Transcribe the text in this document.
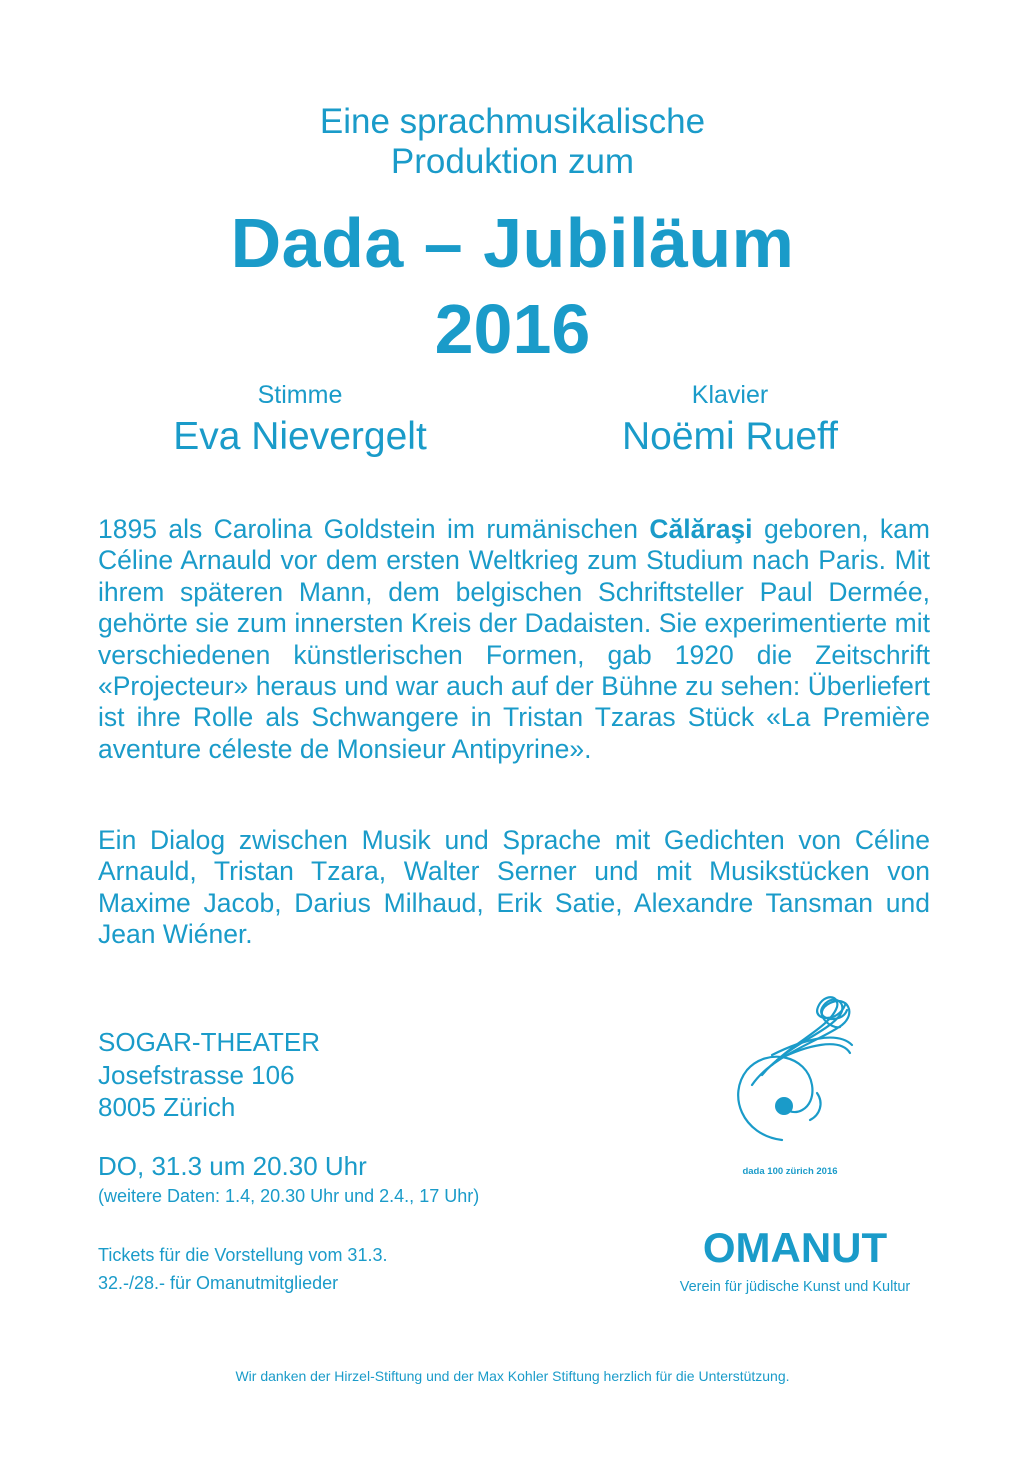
Eine sprachmusikalische
Produktion zum
Dada – Jubiläum
2016
Stimme
Eva Nievergelt
Klavier
Noëmi Rueff
1895 als Carolina Goldstein im rumänischen Călăraşi geboren, kam Céline Arnauld vor dem ersten Weltkrieg zum Studium nach Paris. Mit ihrem späteren Mann, dem belgischen Schriftsteller Paul Dermée, gehörte sie zum innersten Kreis der Dadaisten. Sie experimentierte mit verschiedenen künstlerischen Formen, gab 1920 die Zeitschrift «Projecteur» heraus und war auch auf der Bühne zu sehen: Überliefert ist ihre Rolle als Schwangere in Tristan Tzaras Stück «La Première aventure céleste de Monsieur Antipyrine».
Ein Dialog zwischen Musik und Sprache mit Gedichten von Céline Arnauld, Tristan Tzara, Walter Serner und mit Musikstücken von Maxime Jacob, Darius Milhaud, Erik Satie, Alexandre Tansman und Jean Wiéner.
SOGAR-THEATER
Josefstrasse 106
8005 Zürich
DO, 31.3 um 20.30 Uhr
(weitere Daten: 1.4, 20.30 Uhr und 2.4., 17 Uhr)
Tickets für die Vorstellung vom 31.3.
32.-/28.- für Omanutmitglieder
dada 100 zürich 2016
OMANUT
Verein für jüdische Kunst und Kultur
Wir danken der Hirzel-Stiftung und der Max Kohler Stiftung herzlich für die Unterstützung.
